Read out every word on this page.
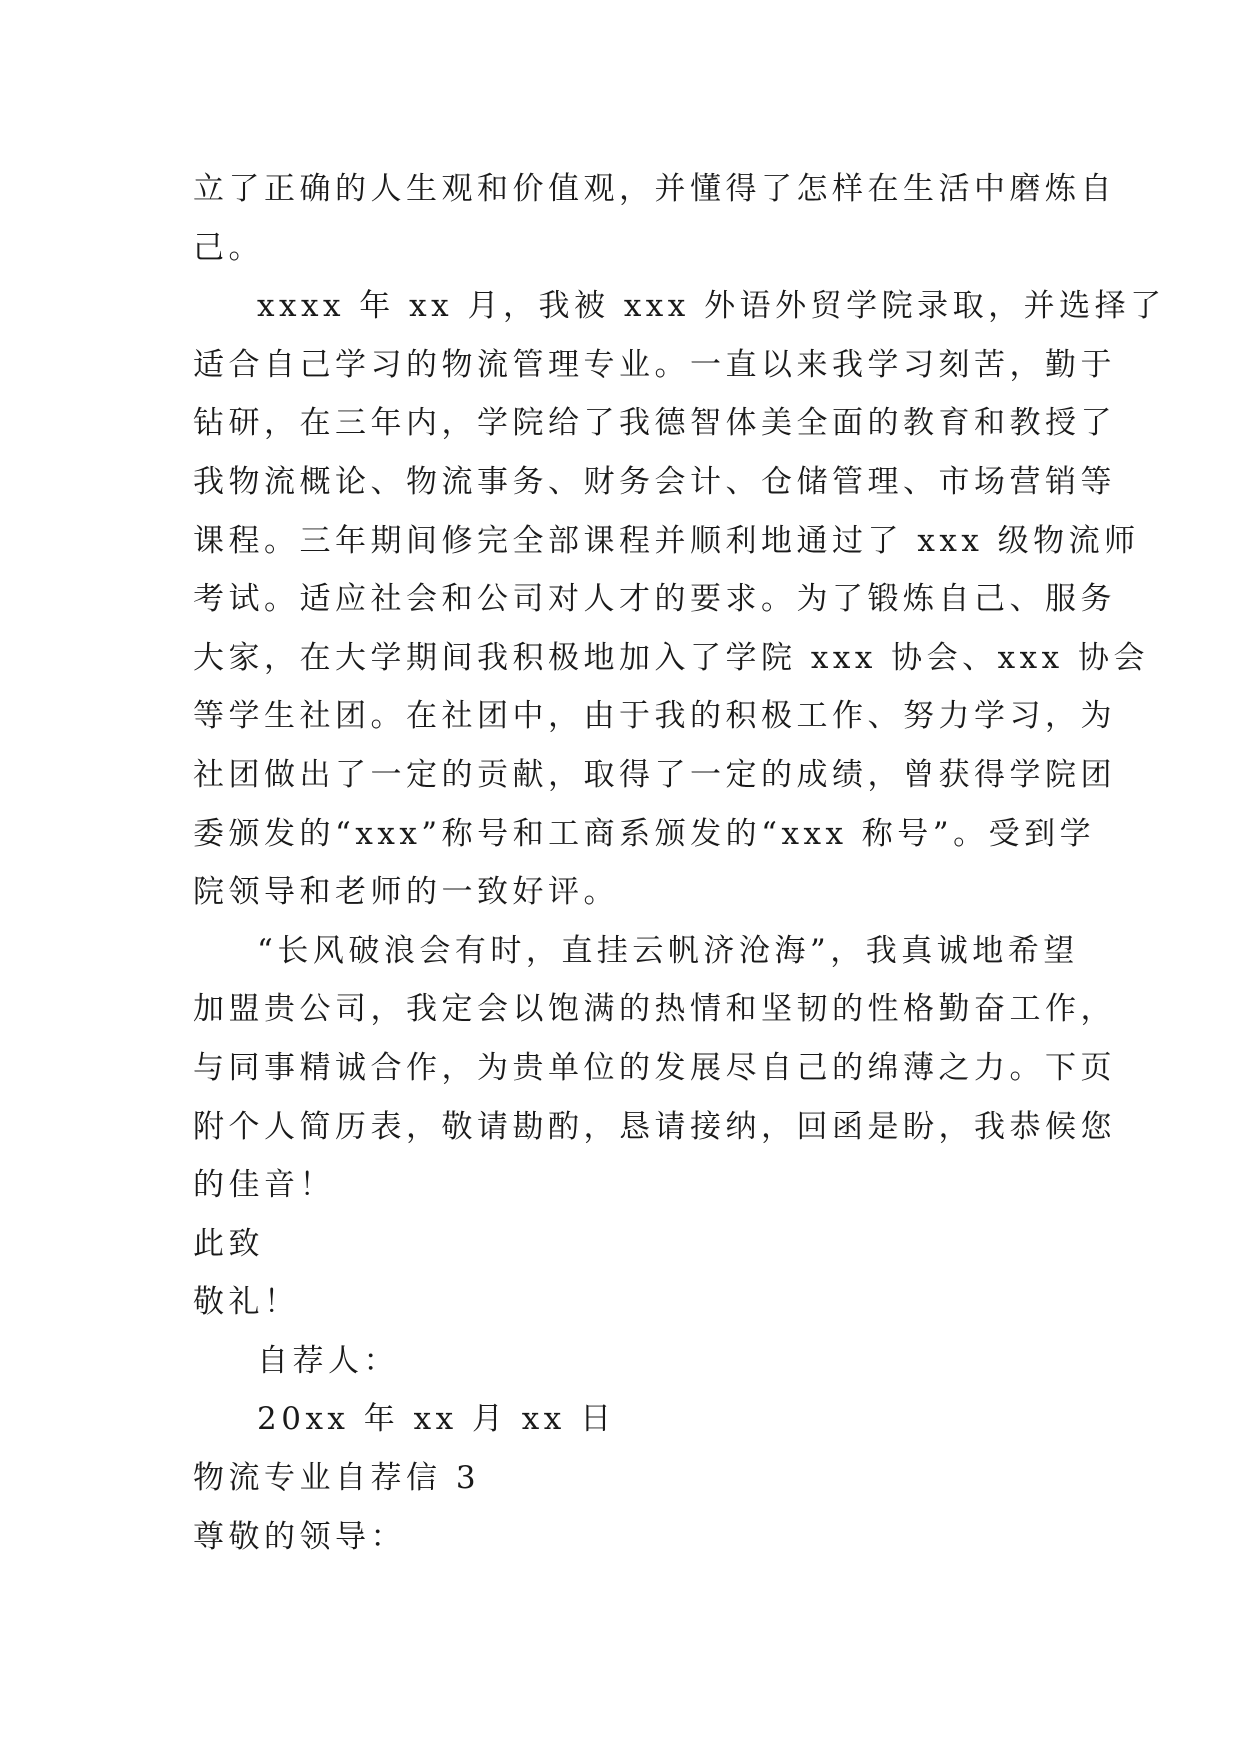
立了正确的人生观和价值观，并懂得了怎样在生活中磨炼自

己。

xxxx 年 xx 月，我被 xxx 外语外贸学院录取，并选择了

适合自己学习的物流管理专业。一直以来我学习刻苦，勤于

钻研，在三年内，学院给了我德智体美全面的教育和教授了

我物流概论、物流事务、财务会计、仓储管理、市场营销等

课程。三年期间修完全部课程并顺利地通过了 xxx 级物流师

考试。适应社会和公司对人才的要求。为了锻炼自己、服务

大家，在大学期间我积极地加入了学院 xxx 协会、xxx 协会

等学生社团。在社团中，由于我的积极工作、努力学习，为

社团做出了一定的贡献，取得了一定的成绩，曾获得学院团

委颁发的“xxx”称号和工商系颁发的“xxx 称号”。受到学

院领导和老师的一致好评。

“长风破浪会有时，直挂云帆济沧海”，我真诚地希望

加盟贵公司，我定会以饱满的热情和坚韧的性格勤奋工作，

与同事精诚合作，为贵单位的发展尽自己的绵薄之力。下页

附个人简历表，敬请勘酌，恳请接纳，回函是盼，我恭候您

的佳音！

此致

敬礼！

自荐人：

20xx 年 xx 月 xx 日

物流专业自荐信 3

尊敬的领导：
